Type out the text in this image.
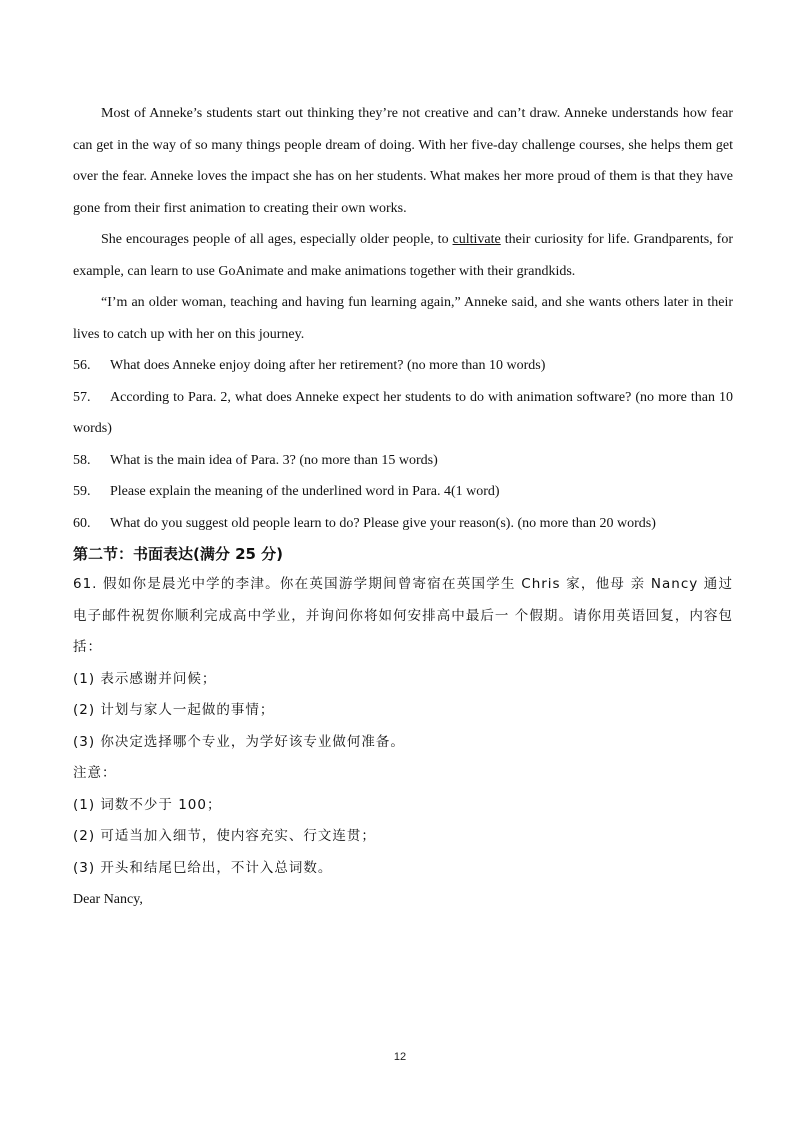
Most of Anneke’s students start out thinking they’re not creative and can’t draw. Anneke understands how fear can get in the way of so many things people dream of doing. With her five-day challenge courses, she helps them get over the fear. Anneke loves the impact she has on her students. What makes her more proud of them is that they have gone from their first animation to creating their own works.

She encourages people of all ages, especially older people, to cultivate their curiosity for life. Grandparents, for example, can learn to use GoAnimate and make animations together with their grandkids.

“I’m an older woman, teaching and having fun learning again,” Anneke said, and she wants others later in their lives to catch up with her on this journey.

56. What does Anneke enjoy doing after her retirement? (no more than 10 words)

57. According to Para. 2, what does Anneke expect her students to do with animation software? (no more than 10 words)

58. What is the main idea of Para. 3? (no more than 15 words)

59. Please explain the meaning of the underlined word in Para. 4(1 word)

60. What do you suggest old people learn to do? Please give your reason(s). (no more than 20 words)

第二节：书面表达(满分 25 分)

61. 假如你是晨光中学的李津。你在英国游学期间曾寄宿在英国学生 Chris 家，他母 亲 Nancy 通过电子邮件祝贺你顺利完成高中学业，并询问你将如何安排高中最后一 个假期。请你用英语回复，内容包括：

(1) 表示感谢并问候；

(2) 计划与家人一起做的事情；

(3) 你决定选择哪个专业，为学好该专业做何准备。

注意：

(1) 词数不少于 100；

(2) 可适当加入细节，使内容充实、行文连贯；

(3) 开头和结尾巳给出，不计入总词数。

Dear Nancy,

12
